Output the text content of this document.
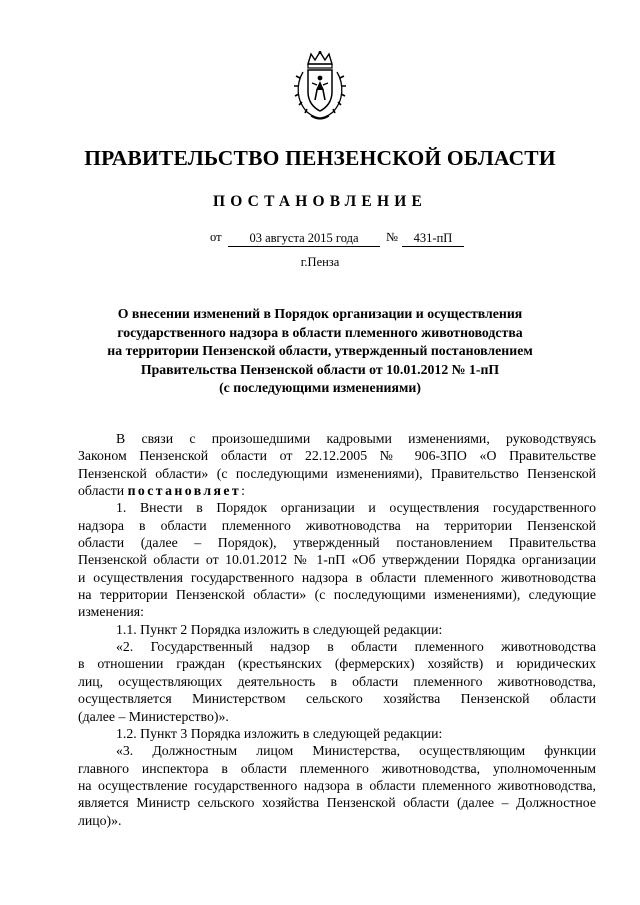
ПРАВИТЕЛЬСТВО ПЕНЗЕНСКОЙ ОБЛАСТИ
ПОСТАНОВЛЕНИЕ
от	03 августа 2015 года	№	431-пП
г.Пенза
О внесении изменений в Порядок организации и осуществления
государственного надзора в области племенного животноводства
на территории Пензенской области, утвержденный постановлением
Правительства Пензенской области от 10.01.2012 № 1-пП
(с последующими изменениями)
В связи с произошедшими кадровыми изменениями, руководствуясь
Законом Пензенской области от 22.12.2005 № 906-ЗПО «О Правительстве
Пензенской области» (с последующими изменениями), Правительство Пензенской
области постановляет:
1. Внести в Порядок организации и осуществления государственного
надзора в области племенного животноводства на территории Пензенской
области (далее – Порядок), утвержденный постановлением Правительства
Пензенской области от 10.01.2012 № 1-пП «Об утверждении Порядка организации
и осуществления государственного надзора в области племенного животноводства
на территории Пензенской области» (с последующими изменениями), следующие
изменения:
1.1. Пункт 2 Порядка изложить в следующей редакции:
«2. Государственный надзор в области племенного животноводства
в отношении граждан (крестьянских (фермерских) хозяйств) и юридических
лиц, осуществляющих деятельность в области племенного животноводства,
осуществляется Министерством сельского хозяйства Пензенской области
(далее – Министерство)».
1.2. Пункт 3 Порядка изложить в следующей редакции:
«3. Должностным лицом Министерства, осуществляющим функции
главного инспектора в области племенного животноводства, уполномоченным
на осуществление государственного надзора в области племенного животноводства,
является Министр сельского хозяйства Пензенской области (далее – Должностное
лицо)».
